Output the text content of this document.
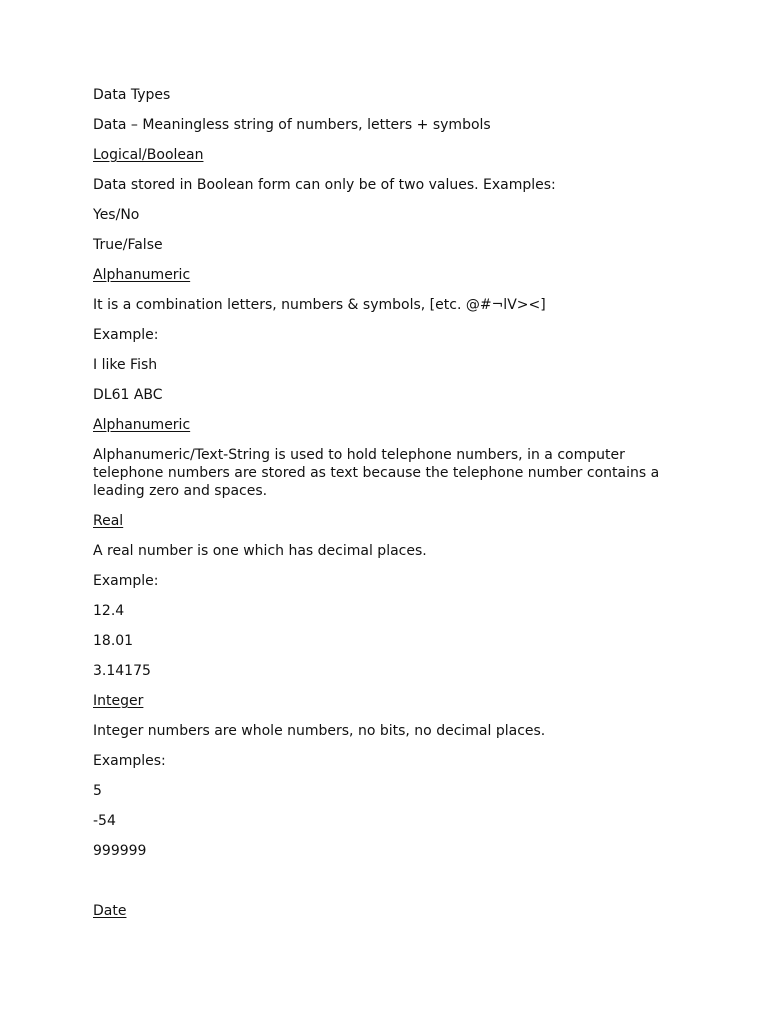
Data Types
Data – Meaningless string of numbers, letters + symbols
Logical/Boolean
Data stored in Boolean form can only be of two values. Examples:
Yes/No
True/False
Alphanumeric
It is a combination letters, numbers & symbols, [etc. @#¬lV><]
Example:
I like Fish
DL61 ABC
Alphanumeric
Alphanumeric/Text-String is used to hold telephone numbers, in a computer telephone numbers are stored as text because the telephone number contains a leading zero and spaces.
Real
A real number is one which has decimal places.
Example:
12.4
18.01
3.14175
Integer
Integer numbers are whole numbers, no bits, no decimal places.
Examples:
5
-54
999999
Date
